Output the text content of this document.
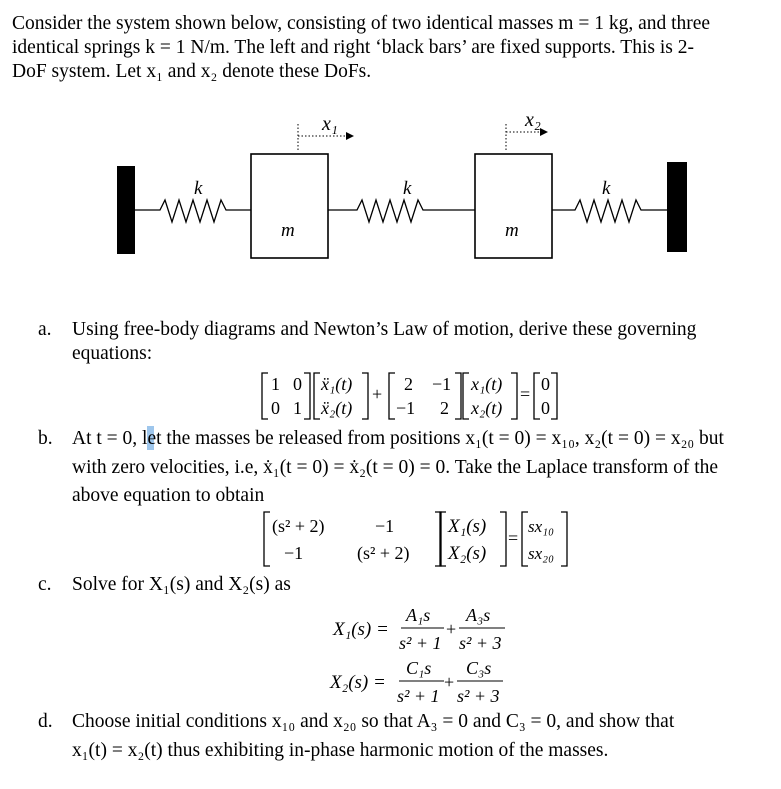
Consider the system shown below, consisting of two identical masses m = 1 kg, and three
identical springs k = 1 N/m. The left and right ‘black bars’ are fixed supports. This is 2-
DoF system. Let x₁ and x₂ denote these DoFs.
x₁	x₂
k	k	k
m	m
a. Using free-body diagrams and Newton’s Law of motion, derive these governing
equations:
1 0
0 1
ẍ₁(t)
ẍ₂(t)
+ 2 −1
−1 2
x₁(t)
x₂(t)
= 0
0
b. At t = 0, let the masses be released from positions x₁(t = 0) = x₁₀, x₂(t = 0) = x₂₀ but
with zero velocities, i.e, ẋ₁(t = 0) = ẋ₂(t = 0) = 0. Take the Laplace transform of the
above equation to obtain
(s² + 2)	−1
−1	(s² + 2)
X₁(s)
X₂(s)
=
sx₁₀
sx₂₀
c. Solve for X₁(s) and X₂(s) as
X₁(s) =
A₁s
s² + 1
+
A₃s
s² + 3
X₂(s) =
C₁s
s² + 1
+
C₃s
s² + 3
d. Choose initial conditions x₁₀ and x₂₀ so that A₃ = 0 and C₃ = 0, and show that
x₁(t) = x₂(t) thus exhibiting in-phase harmonic motion of the masses.
